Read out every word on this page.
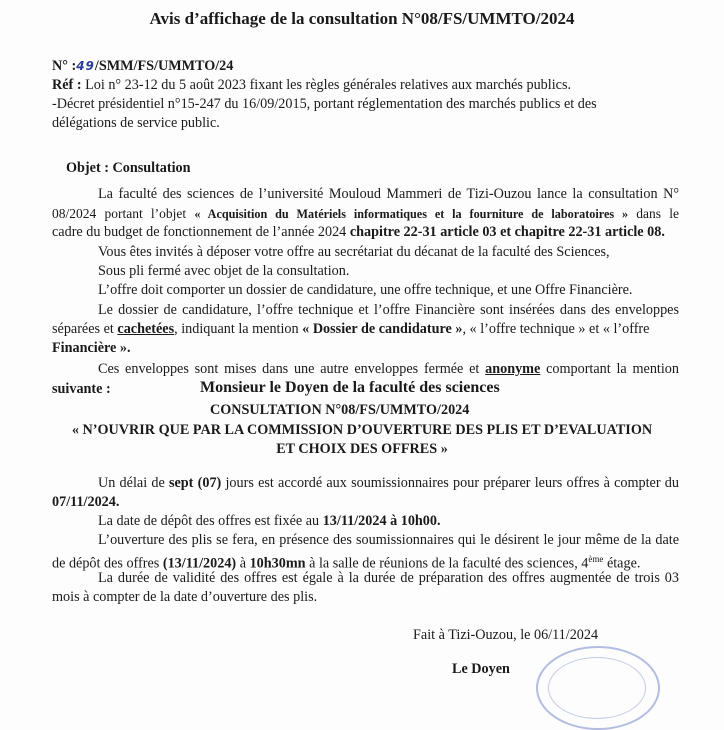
Avis d’affichage de la consultation N°08/FS/UMMTO/2024
N° :49/SMM/FS/UMMTO/24
Réf : Loi n° 23-12 du 5 août 2023 fixant les règles générales relatives aux marchés publics.
-Décret présidentiel n°15-247 du 16/09/2015, portant réglementation des marchés publics et des
délégations de service public.
Objet : Consultation
La faculté des sciences de l’université Mouloud Mammeri de Tizi-Ouzou lance la consultation N°
08/2024 portant l’objet « Acquisition du Matériels informatiques et la fourniture de laboratoires » dans le
cadre du budget de fonctionnement de l’année 2024 chapitre 22-31 article 03 et chapitre 22-31 article 08.
Vous êtes invités à déposer votre offre au secrétariat du décanat de la faculté des Sciences,
Sous pli fermé avec objet de la consultation.
L’offre doit comporter un dossier de candidature, une offre technique, et une Offre Financière.
Le dossier de candidature, l’offre technique et l’offre Financière sont insérées dans des enveloppes
séparées et cachetées, indiquant la mention « Dossier de candidature », « l’offre technique » et « l’offre
Financière ».
Ces enveloppes sont mises dans une autre enveloppes fermée et anonyme comportant la mention
suivante :	Monsieur le Doyen de la faculté des sciences
CONSULTATION N°08/FS/UMMTO/2024
« N’OUVRIR QUE PAR LA COMMISSION D’OUVERTURE DES PLIS ET D’EVALUATION
ET CHOIX DES OFFRES »
Un délai de sept (07) jours est accordé aux soumissionnaires pour préparer leurs offres à compter du
07/11/2024.
La date de dépôt des offres est fixée au 13/11/2024 à 10h00.
L’ouverture des plis se fera, en présence des soumissionnaires qui le désirent le jour même de la date
de dépôt des offres (13/11/2024) à 10h30mn à la salle de réunions de la faculté des sciences, 4ème étage.
La durée de validité des offres est égale à la durée de préparation des offres augmentée de trois 03
mois à compter de la date d’ouverture des plis.
Fait à Tizi-Ouzou, le 06/11/2024
Le Doyen
